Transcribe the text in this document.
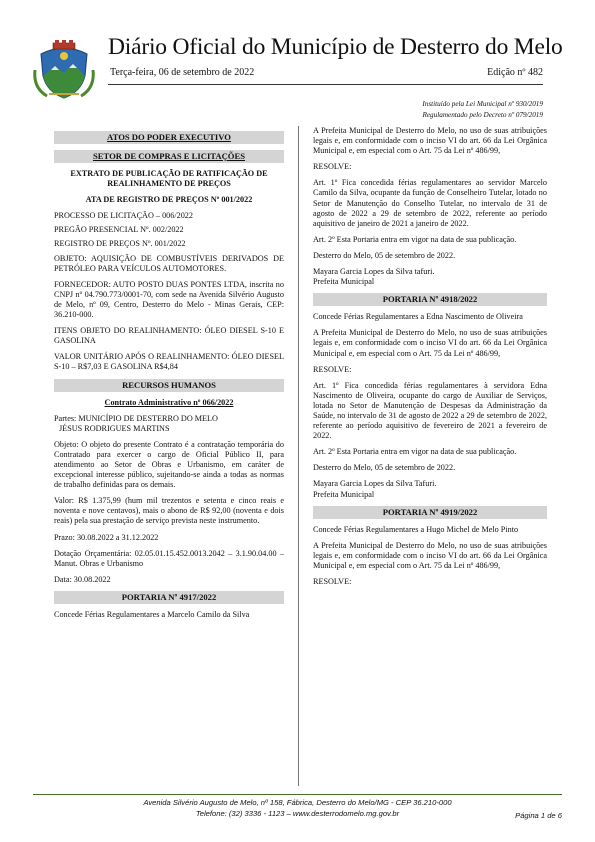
Diário Oficial do Município de Desterro do Melo
Terça-feira, 06 de setembro de 2022	Edição nº 482
Instituído pela Lei Municipal nº 930/2019
Regulamentado pelo Decreto nº 079/2019
ATOS DO PODER EXECUTIVO
SETOR DE COMPRAS E LICITAÇÕES
EXTRATO DE PUBLICAÇÃO DE RATIFICAÇÃO DE REALINHAMENTO DE PREÇOS
ATA DE REGISTRO DE PREÇOS Nº 001/2022
PROCESSO DE LICITAÇÃO – 006/2022
PREGÃO PRESENCIAL Nº. 002/2022
REGISTRO DE PREÇOS Nº. 001/2022
OBJETO: AQUISIÇÃO DE COMBUSTÍVEIS DERIVADOS DE PETRÓLEO PARA VEÍCULOS AUTOMOTORES.
FORNECEDOR: AUTO POSTO DUAS PONTES LTDA, inscrita no CNPJ nº 04.790.773/0001-70, com sede na Avenida Silvério Augusto de Melo, nº 09, Centro, Desterro do Melo - Minas Gerais, CEP: 36.210-000.
ITENS OBJETO DO REALINHAMENTO: ÓLEO DIESEL S-10 E GASOLINA
VALOR UNITÁRIO APÓS O REALINHAMENTO: ÓLEO DIESEL S-10 – R$7,03 E GASOLINA R$4,84
RECURSOS HUMANOS
Contrato Administrativo nº 066/2022
Partes: MUNICÍPIO DE DESTERRO DO MELO
JÉSUS RODRIGUES MARTINS
Objeto: O objeto do presente Contrato é a contratação temporária do Contratado para exercer o cargo de Oficial Público II, para atendimento ao Setor de Obras e Urbanismo, em caráter de excepcional interesse público, sujeitando-se ainda a todas as normas de trabalho definidas para os demais.
Valor: R$ 1.375,99 (hum mil trezentos e setenta e cinco reais e noventa e nove centavos), mais o abono de R$ 92,00 (noventa e dois reais) pela sua prestação de serviço prevista neste instrumento.
Prazo: 30.08.2022 a 31.12.2022
Dotação Orçamentária: 02.05.01.15.452.0013.2042 – 3.1.90.04.00 – Manut. Obras e Urbanismo
Data: 30.08.2022
PORTARIA Nº 4917/2022
Concede Férias Regulamentares a Marcelo Camilo da Silva
A Prefeita Municipal de Desterro do Melo, no uso de suas atribuições legais e, em conformidade com o inciso VI do art. 66 da Lei Orgânica Municipal e, em especial com o Art. 75 da Lei nº 486/99,
RESOLVE:
Art. 1º Fica concedida férias regulamentares ao servidor Marcelo Camilo da Silva, ocupante da função de Conselheiro Tutelar, lotado no Setor de Manutenção do Conselho Tutelar, no intervalo de 31 de agosto de 2022 a 29 de setembro de 2022, referente ao período aquisitivo de janeiro de 2021 a janeiro de 2022.
Art. 2º Esta Portaria entra em vigor na data de sua publicação.
Desterro do Melo, 05 de setembro de 2022.
Mayara Garcia Lopes da Silva tafuri.
Prefeita Municipal
PORTARIA Nº 4918/2022
Concede Férias Regulamentares a Edna Nascimento de Oliveira
A Prefeita Municipal de Desterro do Melo, no uso de suas atribuições legais e, em conformidade com o inciso VI do art. 66 da Lei Orgânica Municipal e, em especial com o Art. 75 da Lei nº 486/99,
RESOLVE:
Art. 1º Fica concedida férias regulamentares à servidora Edna Nascimento de Oliveira, ocupante do cargo de Auxiliar de Serviços, lotada no Setor de Manutenção de Despesas da Administração da Saúde, no intervalo de 31 de agosto de 2022 a 29 de setembro de 2022, referente ao período aquisitivo de fevereiro de 2021 a fevereiro de 2022.
Art. 2º Esta Portaria entra em vigor na data de sua publicação.
Desterro do Melo, 05 de setembro de 2022.
Mayara Garcia Lopes da Silva Tafuri.
Prefeita Municipal
PORTARIA Nº 4919/2022
Concede Férias Regulamentares a Hugo Michel de Melo Pinto
A Prefeita Municipal de Desterro do Melo, no uso de suas atribuições legais e, em conformidade com o inciso VI do art. 66 da Lei Orgânica Municipal e, em especial com o Art. 75 da Lei nº 486/99,
RESOLVE:
Avenida Silvério Augusto de Melo, nº 158, Fábrica, Desterro do Melo/MG - CEP 36.210-000
Telefone: (32) 3336 - 1123 – www.desterrodomelo.mg.gov.br	Página 1 de 6
